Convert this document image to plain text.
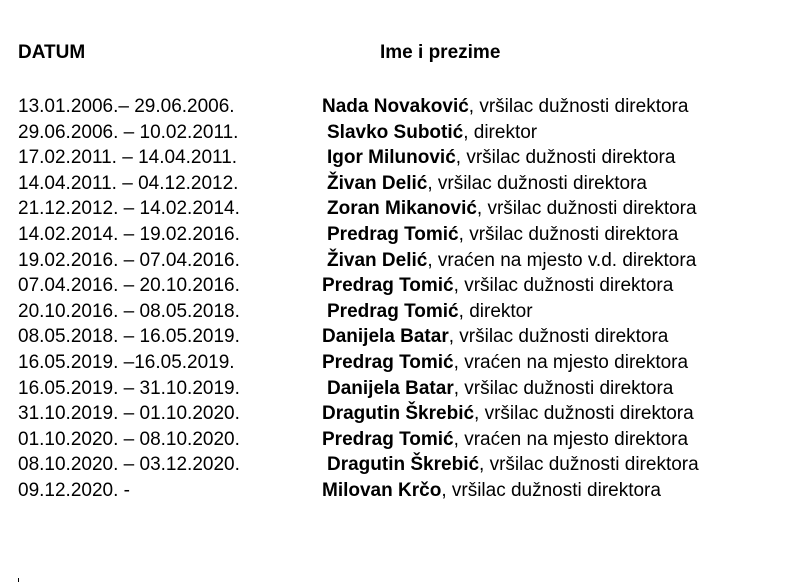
DATUM	Ime i prezime
13.01.2006.– 29.06.2006.	Nada Novaković, vršilac dužnosti direktora
29.06.2006. – 10.02.2011.	Slavko Subotić, direktor
17.02.2011. – 14.04.2011.	Igor Milunović, vršilac dužnosti direktora
14.04.2011. – 04.12.2012.	Živan Delić, vršilac dužnosti direktora
21.12.2012. – 14.02.2014.	Zoran Mikanović, vršilac dužnosti direktora
14.02.2014. – 19.02.2016.	Predrag Tomić, vršilac dužnosti direktora
19.02.2016. – 07.04.2016.	Živan Delić, vraćen na mjesto v.d. direktora
07.04.2016. – 20.10.2016.	Predrag Tomić, vršilac dužnosti direktora
20.10.2016. – 08.05.2018.	Predrag Tomić, direktor
08.05.2018. – 16.05.2019.	Danijela Batar, vršilac dužnosti direktora
16.05.2019. –16.05.2019.	Predrag Tomić, vraćen na mjesto direktora
16.05.2019. – 31.10.2019.	Danijela Batar, vršilac dužnosti direktora
31.10.2019. – 01.10.2020.	Dragutin Škrebić, vršilac dužnosti direktora
01.10.2020. – 08.10.2020.	Predrag Tomić, vraćen na mjesto direktora
08.10.2020. – 03.12.2020.	Dragutin Škrebić, vršilac dužnosti direktora
09.12.2020. -	Milovan Krčo, vršilac dužnosti direktora
